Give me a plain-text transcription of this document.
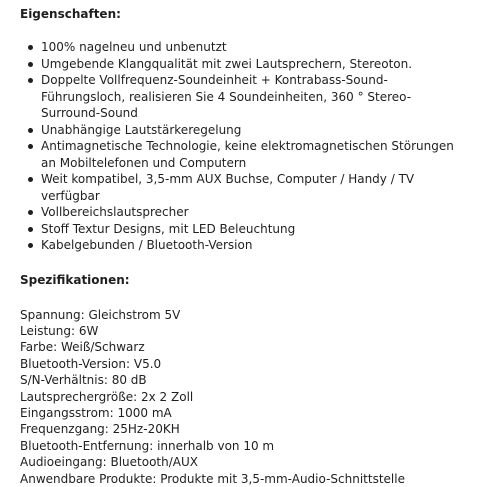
Eigenschaften:
100% nagelneu und unbenutzt
Umgebende Klangqualität mit zwei Lautsprechern, Stereoton.
Doppelte Vollfrequenz-Soundeinheit + Kontrabass-Sound-Führungsloch, realisieren Sie 4 Soundeinheiten, 360 ° Stereo-Surround-Sound
Unabhängige Lautstärkeregelung
Antimagnetische Technologie, keine elektromagnetischen Störungen an Mobiltelefonen und Computern
Weit kompatibel, 3,5-mm AUX Buchse, Computer / Handy / TV verfügbar
Vollbereichslautsprecher
Stoff Textur Designs, mit LED Beleuchtung
Kabelgebunden / Bluetooth-Version
Spezifikationen:
Spannung: Gleichstrom 5V
Leistung: 6W
Farbe: Weiß/Schwarz
Bluetooth-Version: V5.0
S/N-Verhältnis: 80 dB
Lautsprechergröße: 2x 2 Zoll
Eingangsstrom: 1000 mA
Frequenzgang: 25Hz-20KH
Bluetooth-Entfernung: innerhalb von 10 m
Audioeingang: Bluetooth/AUX
Anwendbare Produkte: Produkte mit 3,5-mm-Audio-Schnittstelle
